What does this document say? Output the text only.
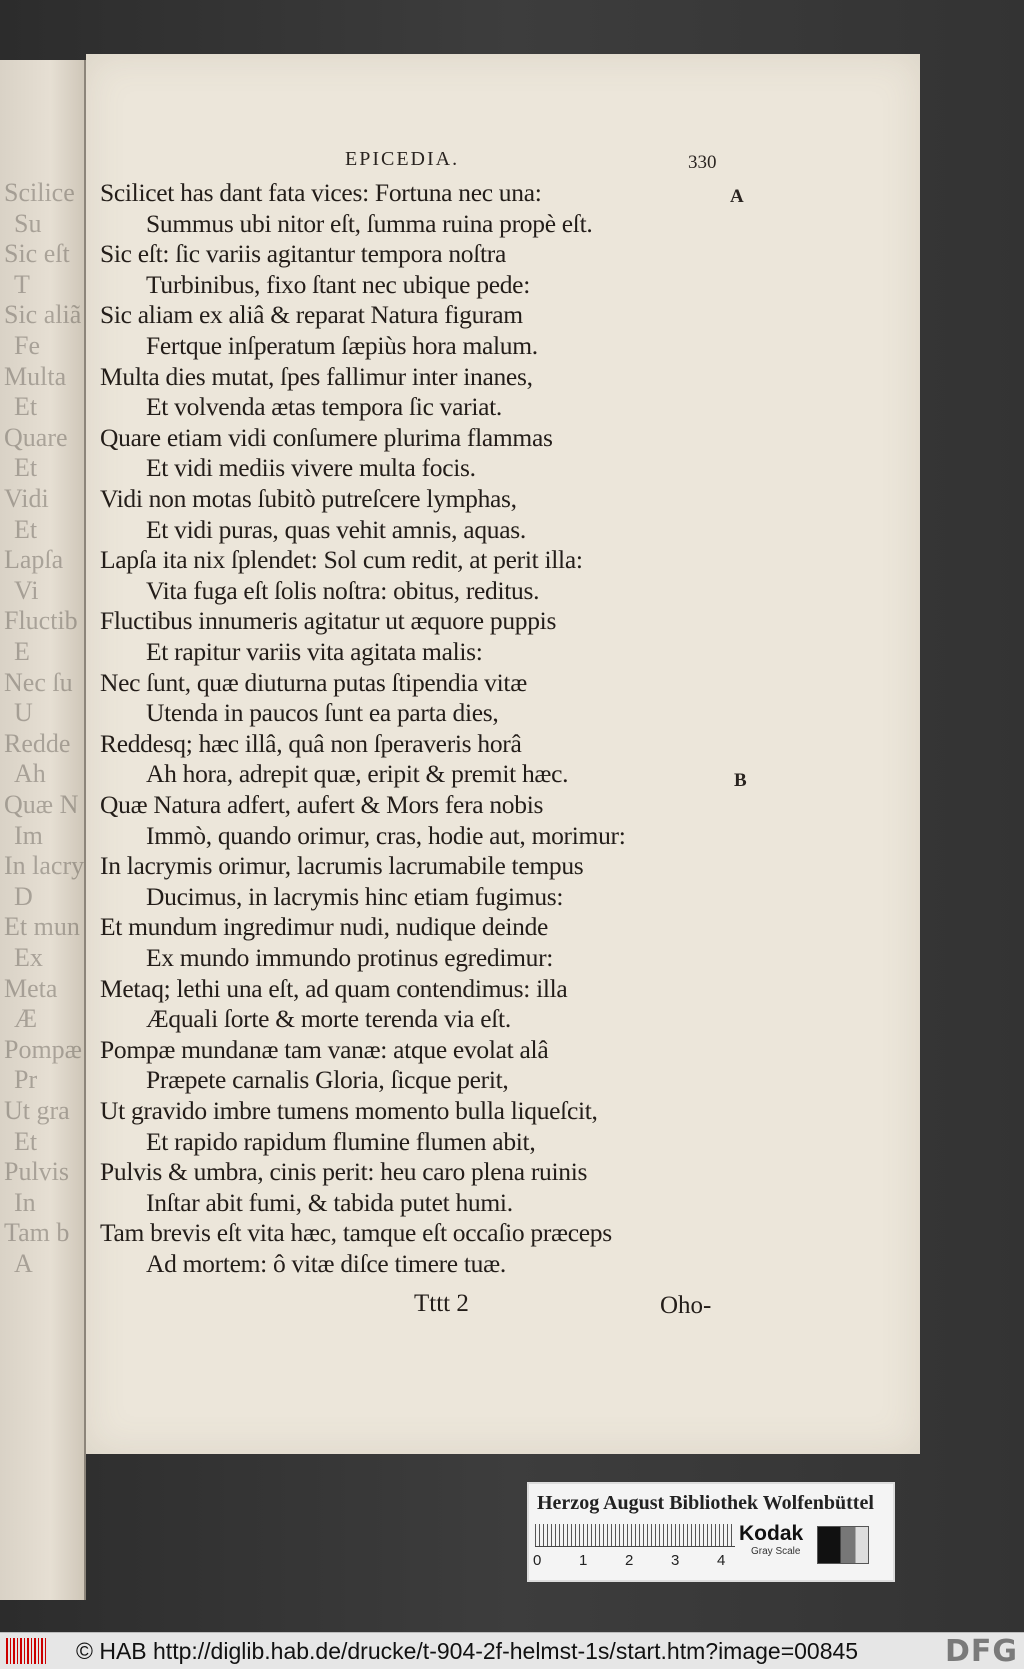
Scilice
Su
Sic eſt
T
Sic aliã
Fe
Multa
Et
Quare
Et
Vidi
Et
Lapſa
Vi
Fluctib
E
Nec ſu
U
Redde
Ah
Quæ N
Im
In lacry
D
Et mun
Ex
Meta
Æ
Pompæ
Pr
Ut gra
Et
Pulvis
In
Tam b
A
EPICEDIA.	330
A
B
Scilicet has dant fata vices: Fortuna nec una:
Summus ubi nitor eſt, ſumma ruina propè eſt.
Sic eſt: ſic variis agitantur tempora noſtra
Turbinibus, fixo ſtant nec ubique pede:
Sic aliam ex aliâ & reparat Natura figuram
Fertque inſperatum ſæpiùs hora malum.
Multa dies mutat, ſpes fallimur inter inanes,
Et volvenda ætas tempora ſic variat.
Quare etiam vidi conſumere plurima flammas
Et vidi mediis vivere multa focis.
Vidi non motas ſubitò putreſcere lymphas,
Et vidi puras, quas vehit amnis, aquas.
Lapſa ita nix ſplendet: Sol cum redit, at perit illa:
Vita fuga eſt ſolis noſtra: obitus, reditus.
Fluctibus innumeris agitatur ut æquore puppis
Et rapitur variis vita agitata malis:
Nec ſunt, quæ diuturna putas ſtipendia vitæ
Utenda in paucos ſunt ea parta dies,
Reddesq; hæc illâ, quâ non ſperaveris horâ
Ah hora, adrepit quæ, eripit & premit hæc.
Quæ Natura adfert, aufert & Mors fera nobis
Immò, quando orimur, cras, hodie aut, morimur:
In lacrymis orimur, lacrumis lacrumabile tempus
Ducimus, in lacrymis hinc etiam fugimus:
Et mundum ingredimur nudi, nudique deinde
Ex mundo immundo protinus egredimur:
Metaq; lethi una eſt, ad quam contendimus: illa
Æquali ſorte & morte terenda via eſt.
Pompæ mundanæ tam vanæ: atque evolat alâ
Præpete carnalis Gloria, ſicque perit,
Ut gravido imbre tumens momento bulla liqueſcit,
Et rapido rapidum flumine flumen abit,
Pulvis & umbra, cinis perit: heu caro plena ruinis
Inſtar abit fumi, & tabida putet humi.
Tam brevis eſt vita hæc, tamque eſt occaſio præceps
Ad mortem: ô vitæ diſce timere tuæ.
Tttt 2	Oho-
Herzog August Bibliothek Wolfenbüttel
0	1	2	3	4
Kodak
Gray Scale
© HAB http://diglib.hab.de/drucke/t-904-2f-helmst-1s/start.htm?image=00845	DFG
